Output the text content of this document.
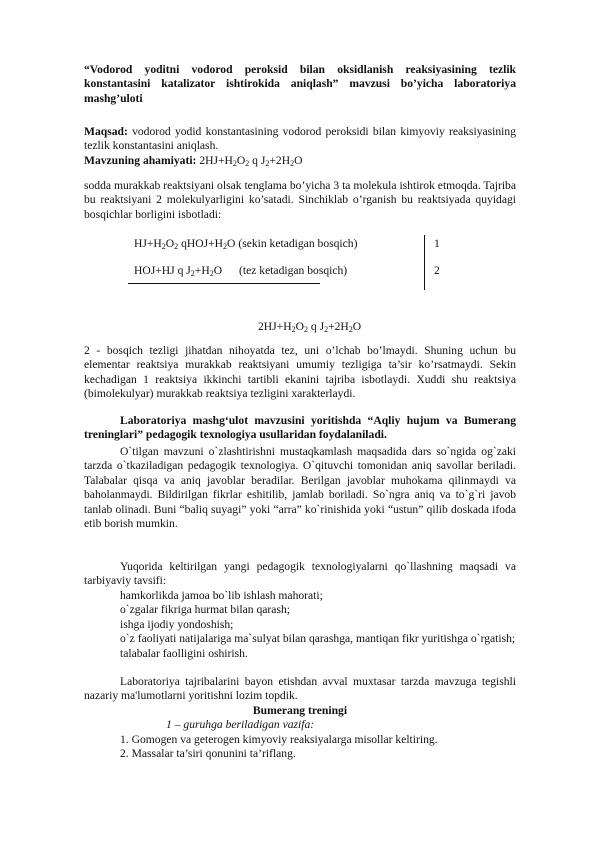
“Vodorod yoditni vodorod peroksid bilan oksidlanish reaksiyasining tezlik konstantasini katalizator ishtirokida aniqlash” mavzusi bo’yicha laboratoriya mashg’uloti

Maqsad: vodorod yodid konstantasining vodorod peroksidi bilan kimyoviy reaksiyasining tezlik konstantasini aniqlash.

Mavzuning ahamiyati: $2HJ+H_2O_2$ q $J_2+2H_2O$

sodda murakkab reaktsiyani olsak tenglama bo’yicha 3 ta molekula ishtirok etmoqda. Tajriba bu reaktsiyani 2 molekulyarligini ko’satadi. Sinchiklab o’rganish bu reaktsiyada quyidagi bosqichlar borligini isbotladi:

$HJ+H_2O_2$ $qHOJ+H_2O$ (sekin ketadigan bosqich)	1
HOJ+HJ q $J_2+H_2O$ (tez ketadigan bosqich)	2

$2HJ+H_2O_2$ q $J_2+2H_2O$

2 - bosqich tezligi jihatdan nihoyatda tez, uni o’lchab bo’lmaydi. Shuning uchun bu elementar reaktsiya murakkab reaktsiyani umumiy tezligiga ta’sir ko’rsatmaydi. Sekin kechadigan 1 reaktsiya ikkinchi tartibli ekanini tajriba isbotlaydi. Xuddi shu reaktsiya (bimolekulyar) murakkab reaktsiya tezligini xarakterlaydi.

Laboratoriya mashg‘ulot mavzusini yoritishda “Aqliy hujum va Bumerang treninglari” pedagogik texnologiya usullaridan foydalaniladi.

O`tilgan mavzuni o`zlashtirishni mustaqkamlash maqsadida dars so`ngida og`zaki tarzda o`tkaziladigan pedagogik texnologiya. O`qituvchi tomonidan aniq savollar beriladi. Talabalar qisqa va aniq javoblar beradilar. Berilgan javoblar muhokama qilinmaydi va baholanmaydi. Bildirilgan fikrlar eshitilib, jamlab boriladi. So`ngra aniq va to`g`ri javob tanlab olinadi. Buni “baliq suyagi” yoki “arra” ko`rinishida yoki “ustun” qilib doskada ifoda etib borish mumkin.

Yuqorida keltirilgan yangi pedagogik texnologiyalarni qo`llashning maqsadi va tarbiyaviy tavsifi:

hamkorlikda jamoa bo`lib ishlash mahorati;

o`zgalar fikriga hurmat bilan qarash;

ishga ijodiy yondoshish;

o`z faoliyati natijalariga ma`sulyat bilan qarashga, mantiqan fikr yuritishga o`rgatish;

talabalar faolligini oshirish.

Laboratoriya tajribalarini bayon etishdan avval muxtasar tarzda mavzuga tegishli nazariy ma'lumotlarni yoritishni lozim topdik.

Bumerang treningi

1 – guruhga beriladigan vazifa:

1. Gomogen va geterogen kimyoviy reaksiyalarga misollar keltiring.

2. Massalar ta’siri qonunini ta’riflang.
